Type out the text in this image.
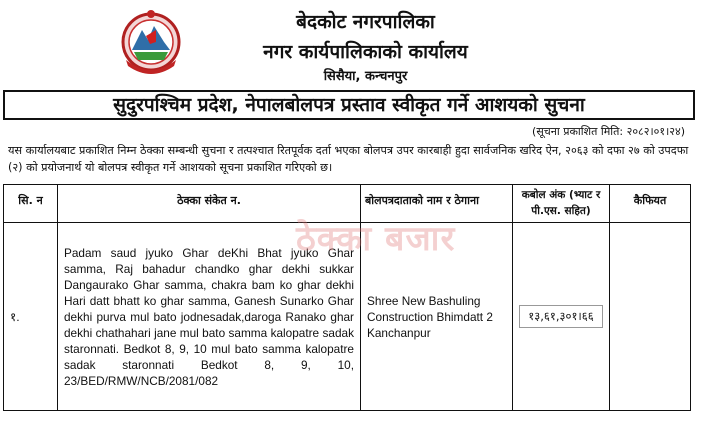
बेदकोट नगरपालिका
नगर कार्यपालिकाको कार्यालय
सिसैया, कन्चनपुर
सुदुरपश्चिम प्रदेश, नेपालबोलपत्र प्रस्ताव स्वीकृत गर्ने आशयको सुचना
(सूचना प्रकाशित मिति: २०८२।०१।२४)
यस कार्यालयबाट प्रकाशित निम्न ठेक्का सम्बन्धी सुचना र तत्पश्चात रितपूर्वक दर्ता भएका बोलपत्र उपर कारबाही हुदा सार्वजनिक खरिद ऐन, २०६३ को दफा २७ को उपदफा (२) को प्रयोजनार्थ यो बोलपत्र स्वीकृत गर्ने आशयको सूचना प्रकाशित गरिएको छ।
सि. न	ठेक्का संकेत न.	बोलपत्रदाताको नाम र ठेगाना	कबोल अंक (भ्याट र पी.एस. सहित)	कैफियत
१.	Padam saud jyuko Ghar deKhi Bhat jyuko Ghar samma, Raj bahadur chandko ghar dekhi sukkar Dangaurako Ghar samma, chakra bam ko ghar dekhi Hari datt bhatt ko ghar samma, Ganesh Sunarko Ghar dekhi purva mul bato jodnesadak,daroga Ranako ghar dekhi chathahari jane mul bato samma kalopatre sadak staronnati. Bedkot 8, 9, 10 mul bato samma kalopatre sadak staronnati Bedkot 8, 9, 10, 23/BED/RMW/NCB/2081/082	Shree New Bashuling Construction Bhimdatt 2 Kanchanpur	१३,६१,३०१।६६	
ठेक्का बजार
